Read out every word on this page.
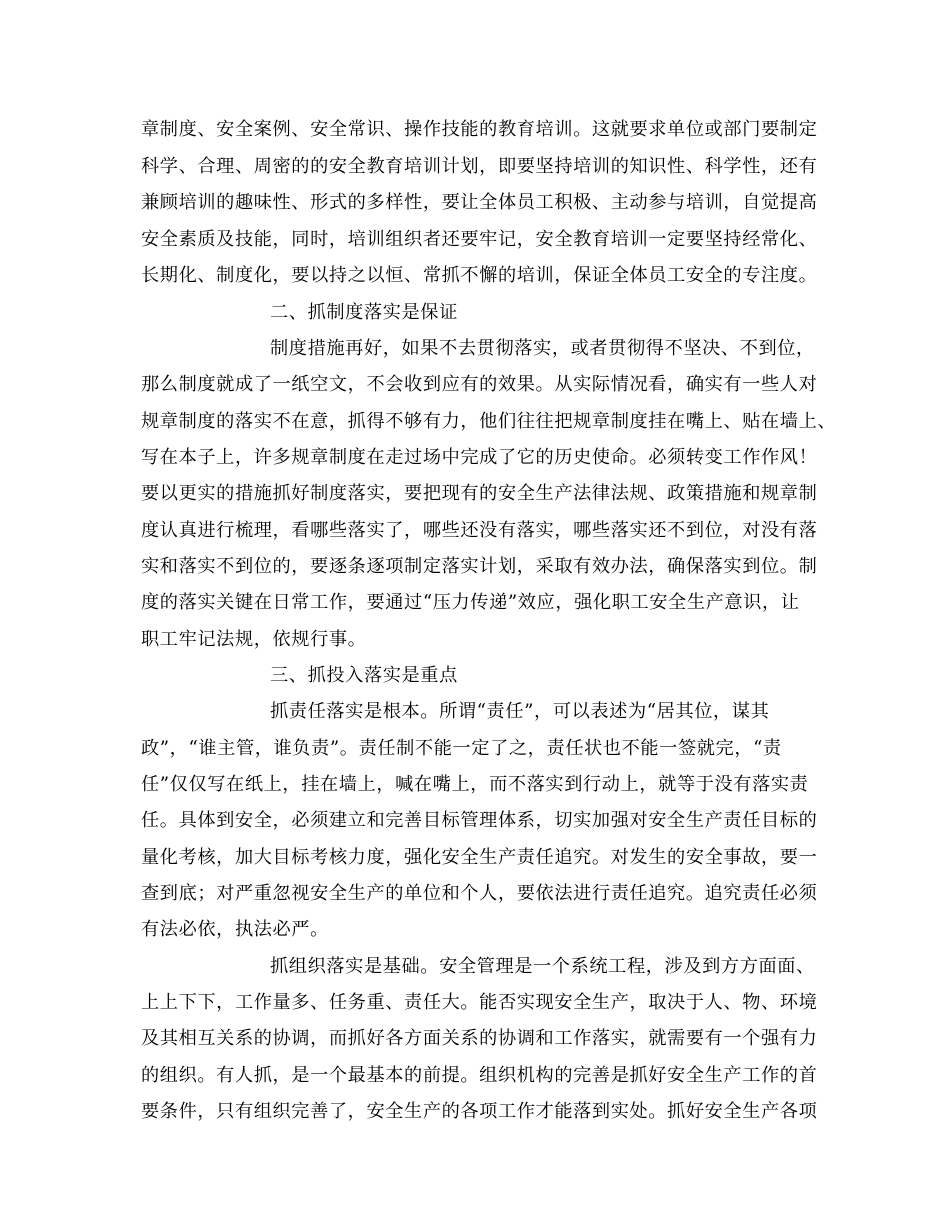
章制度、安全案例、安全常识、操作技能的教育培训。这就要求单位或部门要制定
科学、合理、周密的的安全教育培训计划，即要坚持培训的知识性、科学性，还有
兼顾培训的趣味性、形式的多样性，要让全体员工积极、主动参与培训，自觉提高
安全素质及技能，同时，培训组织者还要牢记，安全教育培训一定要坚持经常化、
长期化、制度化，要以持之以恒、常抓不懈的培训，保证全体员工安全的专注度。
二、抓制度落实是保证
制度措施再好，如果不去贯彻落实，或者贯彻得不坚决、不到位，
那么制度就成了一纸空文，不会收到应有的效果。从实际情况看，确实有一些人对
规章制度的落实不在意，抓得不够有力，他们往往把规章制度挂在嘴上、贴在墙上、
写在本子上，许多规章制度在走过场中完成了它的历史使命。必须转变工作作风！
要以更实的措施抓好制度落实，要把现有的安全生产法律法规、政策措施和规章制
度认真进行梳理，看哪些落实了，哪些还没有落实，哪些落实还不到位，对没有落
实和落实不到位的，要逐条逐项制定落实计划，采取有效办法，确保落实到位。制
度的落实关键在日常工作，要通过“压力传递”效应，强化职工安全生产意识，让
职工牢记法规，依规行事。
三、抓投入落实是重点
抓责任落实是根本。所谓“责任”，可以表述为“居其位，谋其
政”，“谁主管，谁负责”。责任制不能一定了之，责任状也不能一签就完，“责
任”仅仅写在纸上，挂在墙上，喊在嘴上，而不落实到行动上，就等于没有落实责
任。具体到安全，必须建立和完善目标管理体系，切实加强对安全生产责任目标的
量化考核，加大目标考核力度，强化安全生产责任追究。对发生的安全事故，要一
查到底；对严重忽视安全生产的单位和个人，要依法进行责任追究。追究责任必须
有法必依，执法必严。
抓组织落实是基础。安全管理是一个系统工程，涉及到方方面面、
上上下下，工作量多、任务重、责任大。能否实现安全生产，取决于人、物、环境
及其相互关系的协调，而抓好各方面关系的协调和工作落实，就需要有一个强有力
的组织。有人抓，是一个最基本的前提。组织机构的完善是抓好安全生产工作的首
要条件，只有组织完善了，安全生产的各项工作才能落到实处。抓好安全生产各项
